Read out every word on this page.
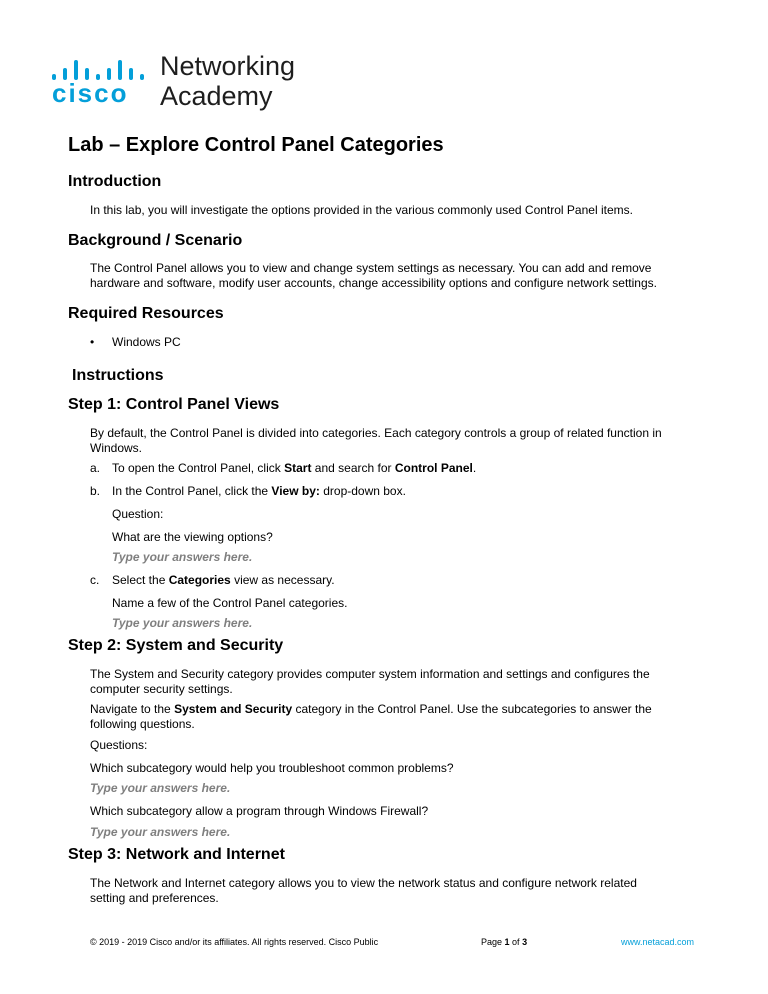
cisco
Networking
Academy
Lab – Explore Control Panel Categories
Introduction

In this lab, you will investigate the options provided in the various commonly used Control Panel items.

Background / Scenario

The Control Panel allows you to view and change system settings as necessary. You can add and remove

hardware and software, modify user accounts, change accessibility options and configure network settings.

Required Resources
• Windows PC

Instructions
Step 1: Control Panel Views

By default, the Control Panel is divided into categories. Each category controls a group of related function in

Windows.

a. To open the Control Panel, click Start and search for Control Panel.
b. In the Control Panel, click the View by: drop-down box.

Question:

What are the viewing options?

Type your answers here.

c. Select the Categories view as necessary.

Name a few of the Control Panel categories.

Type your answers here.

Step 2: System and Security

The System and Security category provides computer system information and settings and configures the

computer security settings.

Navigate to the System and Security category in the Control Panel. Use the subcategories to answer the

following questions.

Questions:

Which subcategory would help you troubleshoot common problems?

Type your answers here.

Which subcategory allow a program through Windows Firewall?

Type your answers here.

Step 3: Network and Internet

The Network and Internet category allows you to view the network status and configure network related

setting and preferences.

© 2019 - 2019 Cisco and/or its affiliates. All rights reserved. Cisco Public	Page 1 of 3	www.netacad.com
